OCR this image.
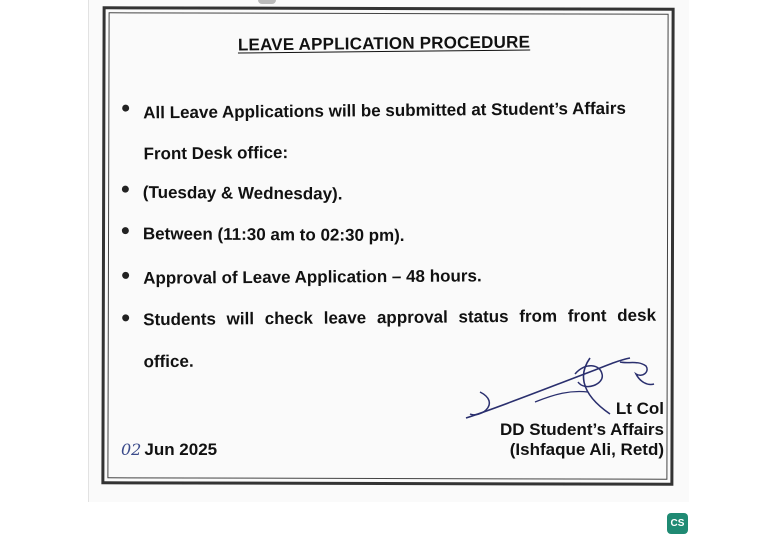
LEAVE APPLICATION PROCEDURE
All Leave Applications will be submitted at Student’s Affairs
Front Desk office:
(Tuesday & Wednesday).
Between (11:30 am to 02:30 pm).
Approval of Leave Application – 48 hours.
Students will check leave approval status from front desk
office.
Lt Col
DD Student’s Affairs
(Ishfaque Ali, Retd)
02 Jun 2025
CS
